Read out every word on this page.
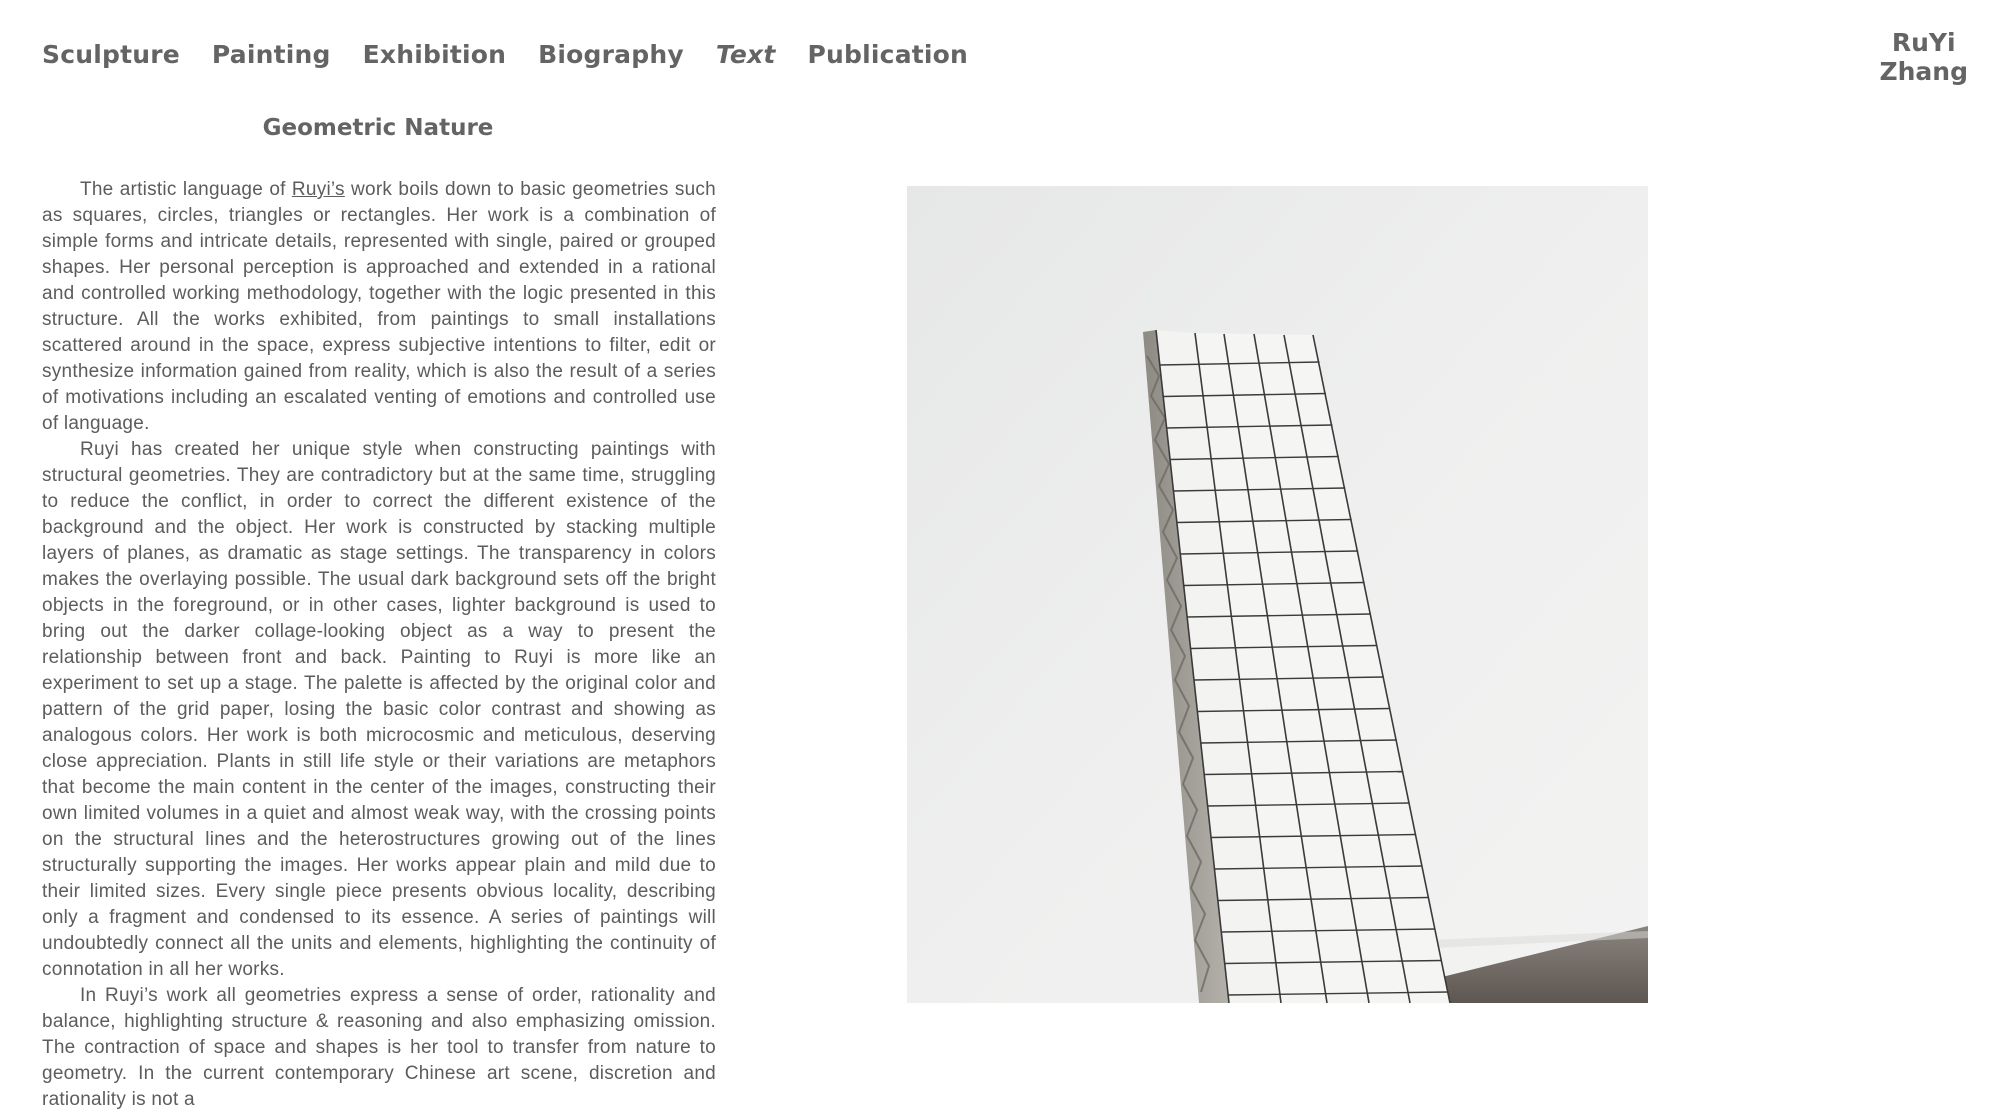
Sculpture Painting Exhibition Biography Text Publication	RuYi
Zhang
Geometric Nature

The artistic language of Ruyi’s work boils down to basic geometries such as squares, circles, triangles or rectangles. Her work is a combination of simple forms and intricate details, represented with single, paired or grouped shapes. Her personal perception is approached and extended in a rational and controlled working methodology, together with the logic presented in this structure. All the works exhibited, from paintings to small installations scattered around in the space, express subjective intentions to filter, edit or synthesize information gained from reality, which is also the result of a series of motivations including an escalated venting of emotions and controlled use of language.

Ruyi has created her unique style when constructing paintings with structural geometries. They are contradictory but at the same time, struggling to reduce the conflict, in order to correct the different existence of the background and the object. Her work is constructed by stacking multiple layers of planes, as dramatic as stage settings. The transparency in colors makes the overlaying possible. The usual dark background sets off the bright objects in the foreground, or in other cases, lighter background is used to bring out the darker collage-looking object as a way to present the relationship between front and back. Painting to Ruyi is more like an experiment to set up a stage. The palette is affected by the original color and pattern of the grid paper, losing the basic color contrast and showing as analogous colors. Her work is both microcosmic and meticulous, deserving close appreciation. Plants in still life style or their variations are metaphors that become the main content in the center of the images, constructing their own limited volumes in a quiet and almost weak way, with the crossing points on the structural lines and the heterostructures growing out of the lines structurally supporting the images. Her works appear plain and mild due to their limited sizes. Every single piece presents obvious locality, describing only a fragment and condensed to its essence. A series of paintings will undoubtedly connect all the units and elements, highlighting the continuity of connotation in all her works.

In Ruyi’s work all geometries express a sense of order, rationality and balance, highlighting structure & reasoning and also emphasizing omission. The contraction of space and shapes is her tool to transfer from nature to geometry. In the current contemporary Chinese art scene, discretion and rationality is not a
